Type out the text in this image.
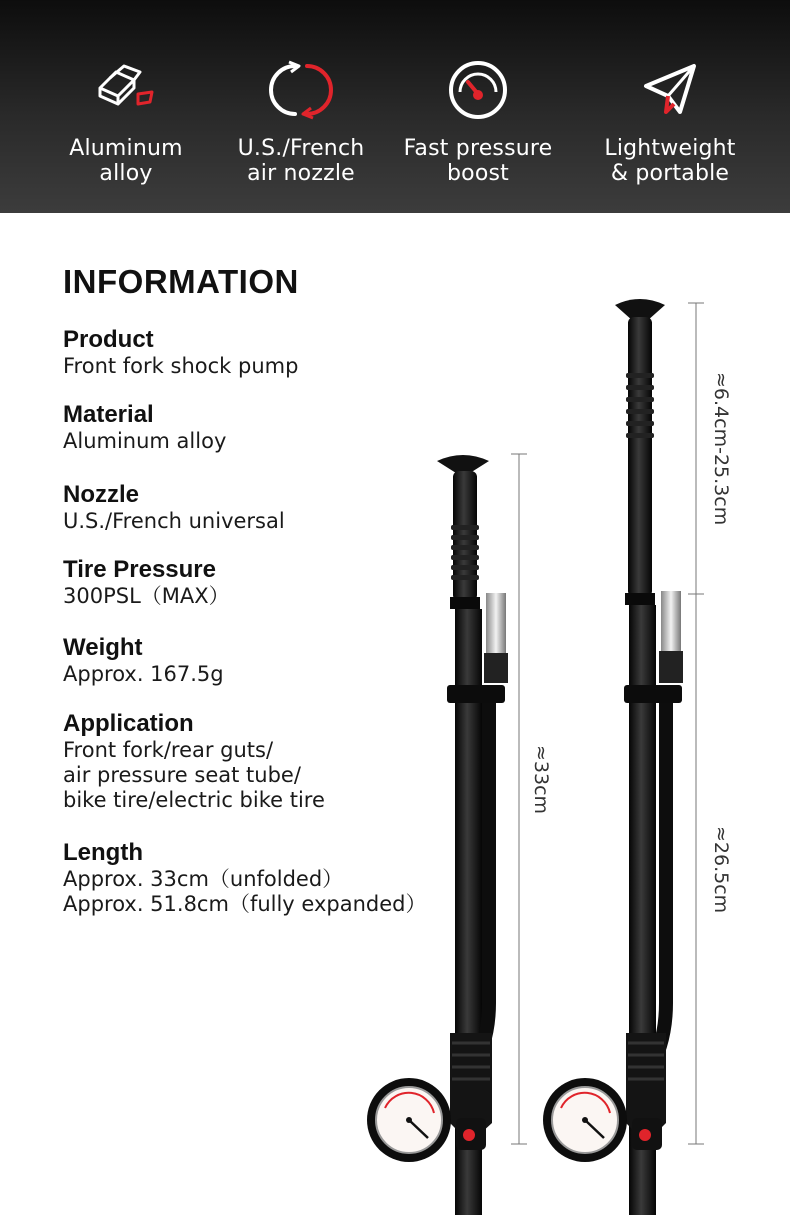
Aluminum
alloy
U.S./French
air nozzle
Fast pressure
boost
Lightweight
& portable
INFORMATION
Product
Front fork shock pump
Material
Aluminum alloy
Nozzle
U.S./French universal
Tire Pressure
300PSL（MAX）
Weight
Approx. 167.5g
Application
Front fork/rear guts/
air pressure seat tube/
bike tire/electric bike tire
Length
Approx. 33cm（unfolded）
Approx. 51.8cm（fully expanded）
≈33cm
≈6.4cm-25.3cm
≈26.5cm
